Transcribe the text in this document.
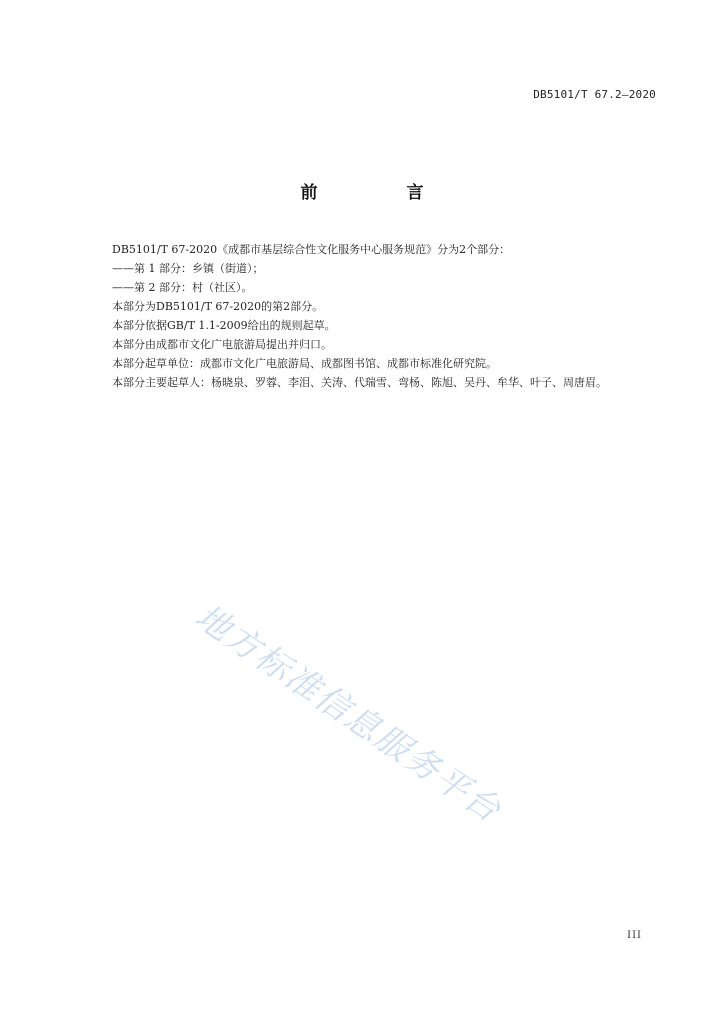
DB5101/T 67.2—2020
前　言

DB5101/T 67-2020《成都市基层综合性文化服务中心服务规范》分为2个部分：

——第 1 部分：乡镇（街道）；

——第 2 部分：村（社区）。

本部分为DB5101/T 67-2020的第2部分。

本部分依据GB/T 1.1-2009给出的规则起草。

本部分由成都市文化广电旅游局提出并归口。

本部分起草单位：成都市文化广电旅游局、成都图书馆、成都市标准化研究院。

本部分主要起草人：杨晓泉、罗蓉、李泪、关涛、代瑞雪、弯杨、陈旭、吴丹、牟华、叶子、周唐眉。

地方标准信息服务平台
III
